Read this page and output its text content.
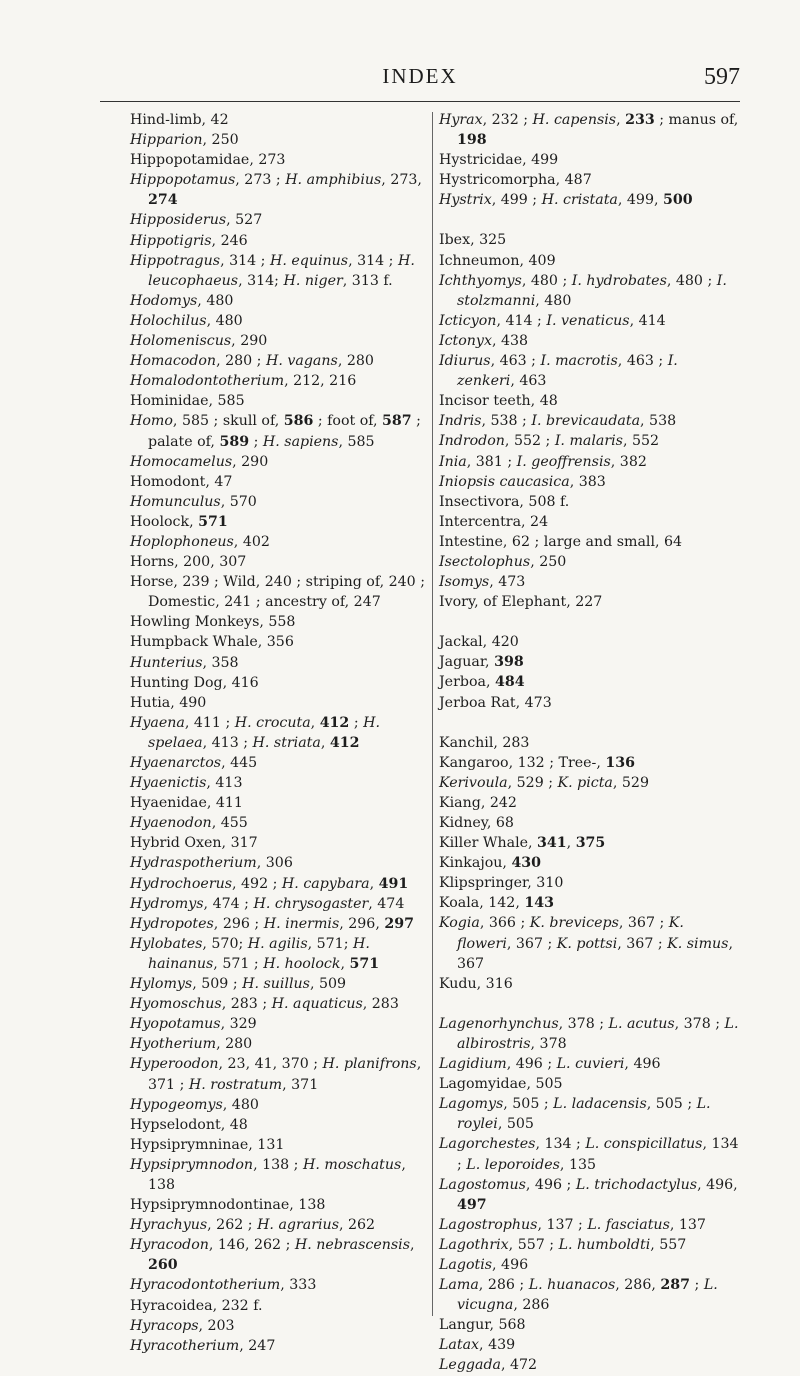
INDEX	597

Hind-limb, 42

Hipparion, 250

Hippopotamidae, 273

Hippopotamus, 273 ; H. amphibius, 273, 274

Hipposiderus, 527

Hippotigris, 246

Hippotragus, 314 ; H. equinus, 314 ; H. leucophaeus, 314; H. niger, 313 f.

Hodomys, 480

Holochilus, 480

Holomeniscus, 290

Homacodon, 280 ; H. vagans, 280

Homalodontotherium, 212, 216

Hominidae, 585

Homo, 585 ; skull of, 586 ; foot of, 587 ; palate of, 589 ; H. sapiens, 585

Homocamelus, 290

Homodont, 47

Homunculus, 570

Hoolock, 571

Hoplophoneus, 402

Horns, 200, 307

Horse, 239 ; Wild, 240 ; striping of, 240 ; Domestic, 241 ; ancestry of, 247

Howling Monkeys, 558

Humpback Whale, 356

Hunterius, 358

Hunting Dog, 416

Hutia, 490

Hyaena, 411 ; H. crocuta, 412 ; H. spelaea, 413 ; H. striata, 412

Hyaenarctos, 445

Hyaenictis, 413

Hyaenidae, 411

Hyaenodon, 455

Hybrid Oxen, 317

Hydraspotherium, 306

Hydrochoerus, 492 ; H. capybara, 491

Hydromys, 474 ; H. chrysogaster, 474

Hydropotes, 296 ; H. inermis, 296, 297

Hylobates, 570; H. agilis, 571; H. hainanus, 571 ; H. hoolock, 571

Hylomys, 509 ; H. suillus, 509

Hyomoschus, 283 ; H. aquaticus, 283

Hyopotamus, 329

Hyotherium, 280

Hyperoodon, 23, 41, 370 ; H. planifrons, 371 ; H. rostratum, 371

Hypogeomys, 480

Hypselodont, 48

Hypsiprymninae, 131

Hypsiprymnodon, 138 ; H. moschatus, 138

Hypsiprymnodontinae, 138

Hyrachyus, 262 ; H. agrarius, 262

Hyracodon, 146, 262 ; H. nebrascensis, 260

Hyracodontotherium, 333

Hyracoidea, 232 f.

Hyracops, 203

Hyracotherium, 247

Hyrax, 232 ; H. capensis, 233 ; manus of, 198

Hystricidae, 499

Hystricomorpha, 487

Hystrix, 499 ; H. cristata, 499, 500

Ibex, 325

Ichneumon, 409

Ichthyomys, 480 ; I. hydrobates, 480 ; I. stolzmanni, 480

Icticyon, 414 ; I. venaticus, 414

Ictonyx, 438

Idiurus, 463 ; I. macrotis, 463 ; I. zenkeri, 463

Incisor teeth, 48

Indris, 538 ; I. brevicaudata, 538

Indrodon, 552 ; I. malaris, 552

Inia, 381 ; I. geoffrensis, 382

Iniopsis caucasica, 383

Insectivora, 508 f.

Intercentra, 24

Intestine, 62 ; large and small, 64

Isectolophus, 250

Isomys, 473

Ivory, of Elephant, 227

Jackal, 420

Jaguar, 398

Jerboa, 484

Jerboa Rat, 473

Kanchil, 283

Kangaroo, 132 ; Tree-, 136

Kerivoula, 529 ; K. picta, 529

Kiang, 242

Kidney, 68

Killer Whale, 341, 375

Kinkajou, 430

Klipspringer, 310

Koala, 142, 143

Kogia, 366 ; K. breviceps, 367 ; K. floweri, 367 ; K. pottsi, 367 ; K. simus, 367

Kudu, 316

Lagenorhynchus, 378 ; L. acutus, 378 ; L. albirostris, 378

Lagidium, 496 ; L. cuvieri, 496

Lagomyidae, 505

Lagomys, 505 ; L. ladacensis, 505 ; L. roylei, 505

Lagorchestes, 134 ; L. conspicillatus, 134 ; L. leporoides, 135

Lagostomus, 496 ; L. trichodactylus, 496, 497

Lagostrophus, 137 ; L. fasciatus, 137

Lagothrix, 557 ; L. humboldti, 557

Lagotis, 496

Lama, 286 ; L. huanacos, 286, 287 ; L. vicugna, 286

Langur, 568

Latax, 439

Leggada, 472
